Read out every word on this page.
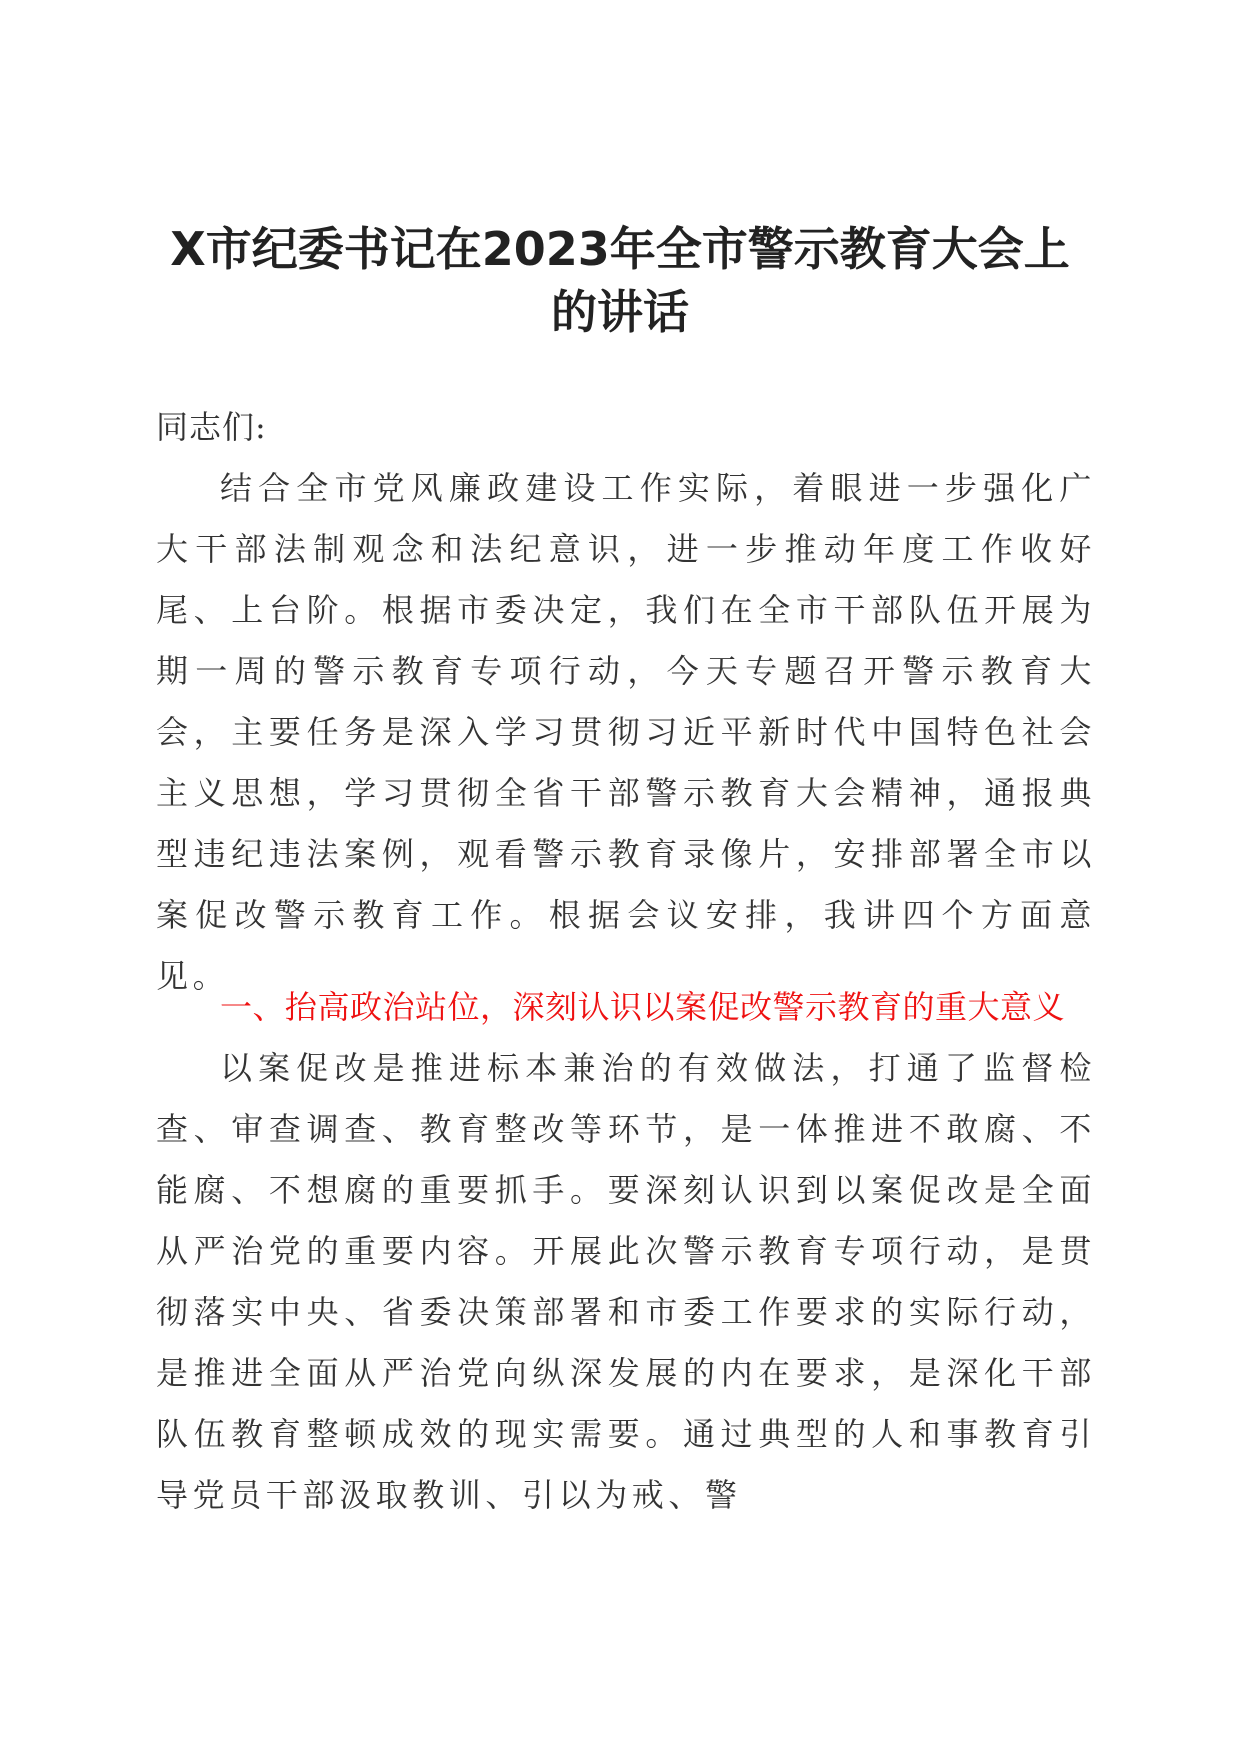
X市纪委书记在2023年全市警示教育大会上的讲话

同志们:

结合全市党风廉政建设工作实际，着眼进一步强化广大干部法制观念和法纪意识，进一步推动年度工作收好尾、上台阶。根据市委决定，我们在全市干部队伍开展为期一周的警示教育专项行动，今天专题召开警示教育大会，主要任务是深入学习贯彻习近平新时代中国特色社会主义思想，学习贯彻全省干部警示教育大会精神，通报典型违纪违法案例，观看警示教育录像片，安排部署全市以案促改警示教育工作。根据会议安排，我讲四个方面意见。

一、抬高政治站位，深刻认识以案促改警示教育的重大意义

以案促改是推进标本兼治的有效做法，打通了监督检查、审查调查、教育整改等环节，是一体推进不敢腐、不能腐、不想腐的重要抓手。要深刻认识到以案促改是全面从严治党的重要内容。开展此次警示教育专项行动，是贯彻落实中央、省委决策部署和市委工作要求的实际行动，是推进全面从严治党向纵深发展的内在要求，是深化干部队伍教育整顿成效的现实需要。通过典型的人和事教育引导党员干部汲取教训、引以为戒、警
